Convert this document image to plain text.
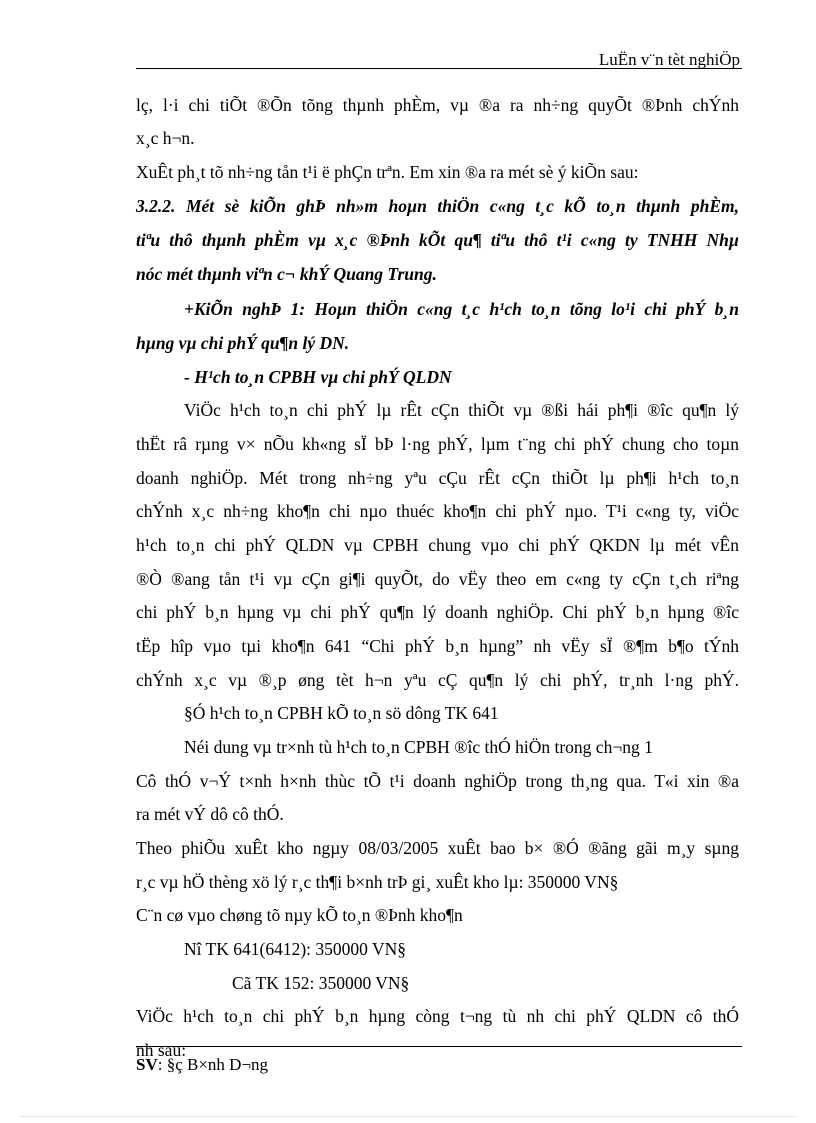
LuËn v¨n tèt nghiÖp
lç, l·i chi tiÕt ®Õn tõng thµnh phÈm, vµ ®a ra nh÷ng quyÕt ®Þnh chÝnh
x¸c h¬n.
XuÊt ph¸t tõ nh÷ng tån t¹i ë phÇn trªn. Em xin ®a ra mét sè ý kiÕn sau:
3.2.2. Mét sè kiÕn ghÞ nh»m hoµn thiÖn c«ng t¸c kÕ to¸n thµnh phÈm,
tiªu thô thµnh phÈm vµ x¸c ®Þnh kÕt qu¶ tiªu thô t¹i c«ng ty TNHH Nhµ
nóc mét thµnh viªn c¬ khÝ Quang Trung.
+KiÕn nghÞ 1: Hoµn thiÖn c«ng t¸c h¹ch to¸n tõng lo¹i chi phÝ b¸n
hµng vµ chi phÝ qu¶n lý DN.
- H¹ch to¸n CPBH vµ chi phÝ QLDN
ViÖc h¹ch to¸n chi phÝ lµ rÊt cÇn thiÕt vµ ®ßi hái ph¶i ®îc qu¶n lý
thËt râ rµng v× nÕu kh«ng sÏ bÞ l·ng phÝ, lµm t¨ng chi phÝ chung cho toµn
doanh nghiÖp. Mét trong nh÷ng yªu cÇu rÊt cÇn thiÕt lµ ph¶i h¹ch to¸n
chÝnh x¸c nh÷ng kho¶n chi nµo thuéc kho¶n chi phÝ nµo. T¹i c«ng ty, viÖc
h¹ch to¸n chi phÝ QLDN vµ CPBH chung vµo chi phÝ QKDN lµ mét vÊn
®Ò ®ang tån t¹i vµ cÇn gi¶i quyÕt, do vËy theo em c«ng ty cÇn t¸ch riªng
chi phÝ b¸n hµng vµ chi phÝ qu¶n lý doanh nghiÖp. Chi phÝ b¸n hµng ®îc
tËp hîp vµo tµi kho¶n 641 “Chi phÝ b¸n hµng” nh vËy sÏ ®¶m b¶o tÝnh
chÝnh x¸c vµ ®¸p øng tèt h¬n yªu cÇ qu¶n lý chi phÝ, tr¸nh l·ng phÝ.
§Ó h¹ch to¸n CPBH kÕ to¸n sö dông TK 641
Néi dung vµ tr×nh tù h¹ch to¸n CPBH ®îc thÓ hiÖn trong ch¬ng 1
Cô thÓ v¬Ý t×nh h×nh thùc tÕ t¹i doanh nghiÖp trong th¸ng qua. T«i xin ®a
ra mét vÝ dô cô thÓ.
Theo phiÕu xuÊt kho ngµy 08/03/2005 xuÊt bao b× ®Ó ®ãng gãi m¸y sµng
r¸c vµ hÖ thèng xö lý r¸c th¶i b×nh trÞ gi¸ xuÊt kho lµ: 350000 VN§
C¨n cø vµo chøng tõ nµy kÕ to¸n ®Þnh kho¶n
Nî TK 641(6412): 350000 VN§
Cã TK 152: 350000 VN§
ViÖc h¹ch to¸n chi phÝ b¸n hµng còng t¬ng tù nh chi phÝ QLDN cô thÓ
nh sau:
SV: §ç B×nh D¬ng
